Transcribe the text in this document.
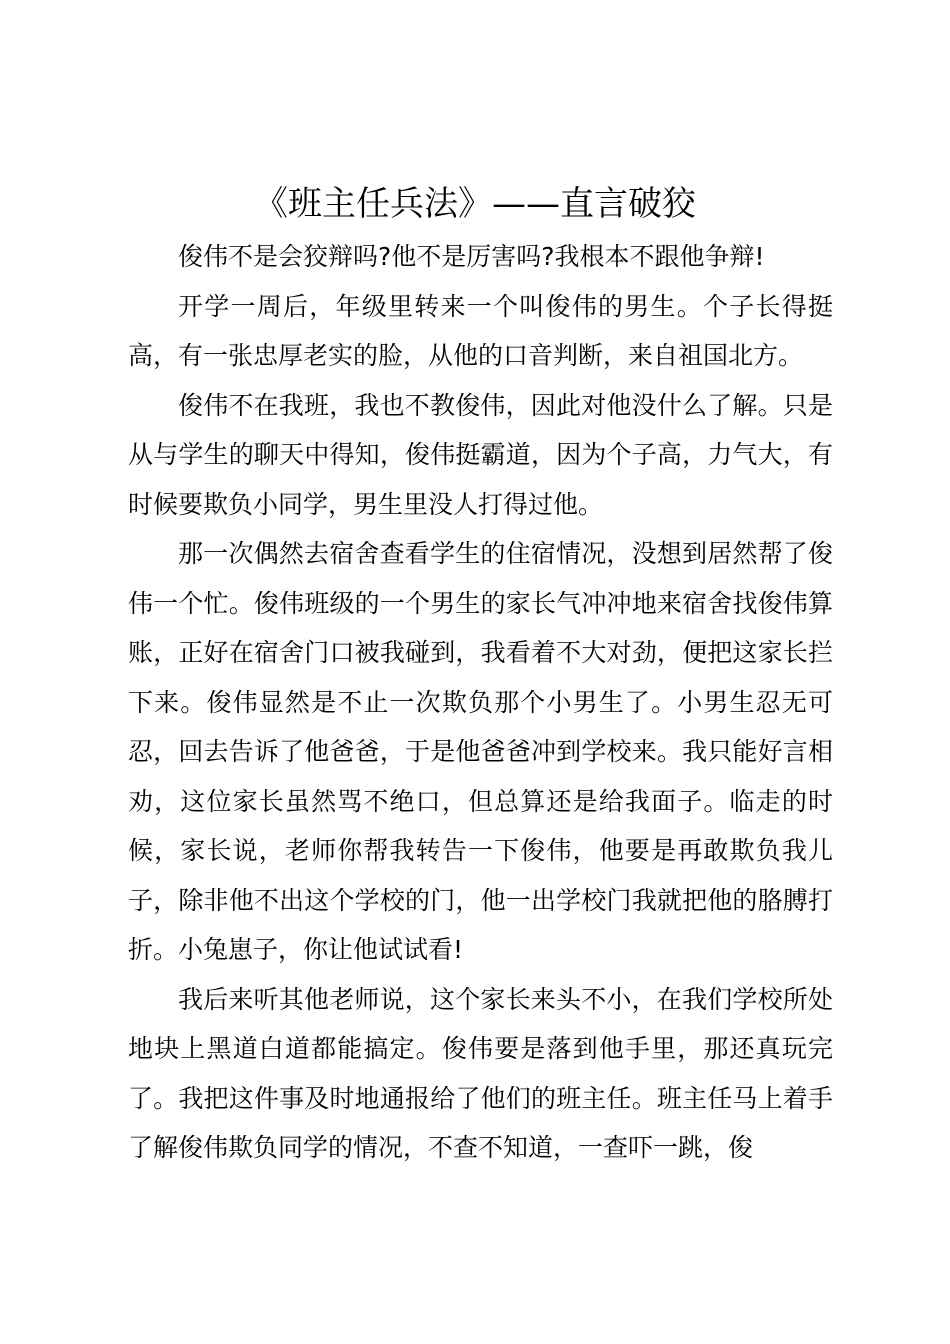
《班主任兵法》——直言破狡

俊伟不是会狡辩吗?他不是厉害吗?我根本不跟他争辩!

开学一周后，年级里转来一个叫俊伟的男生。个子长得挺高，有一张忠厚老实的脸，从他的口音判断，来自祖国北方。

俊伟不在我班，我也不教俊伟，因此对他没什么了解。只是从与学生的聊天中得知，俊伟挺霸道，因为个子高，力气大，有时候要欺负小同学，男生里没人打得过他。

那一次偶然去宿舍查看学生的住宿情况，没想到居然帮了俊伟一个忙。俊伟班级的一个男生的家长气冲冲地来宿舍找俊伟算账，正好在宿舍门口被我碰到，我看着不大对劲，便把这家长拦下来。俊伟显然是不止一次欺负那个小男生了。小男生忍无可忍，回去告诉了他爸爸，于是他爸爸冲到学校来。我只能好言相劝，这位家长虽然骂不绝口，但总算还是给我面子。临走的时候，家长说，老师你帮我转告一下俊伟，他要是再敢欺负我儿子，除非他不出这个学校的门，他一出学校门我就把他的胳膊打折。小兔崽子，你让他试试看!

我后来听其他老师说，这个家长来头不小，在我们学校所处地块上黑道白道都能搞定。俊伟要是落到他手里，那还真玩完了。我把这件事及时地通报给了他们的班主任。班主任马上着手了解俊伟欺负同学的情况，不查不知道，一查吓一跳，俊
